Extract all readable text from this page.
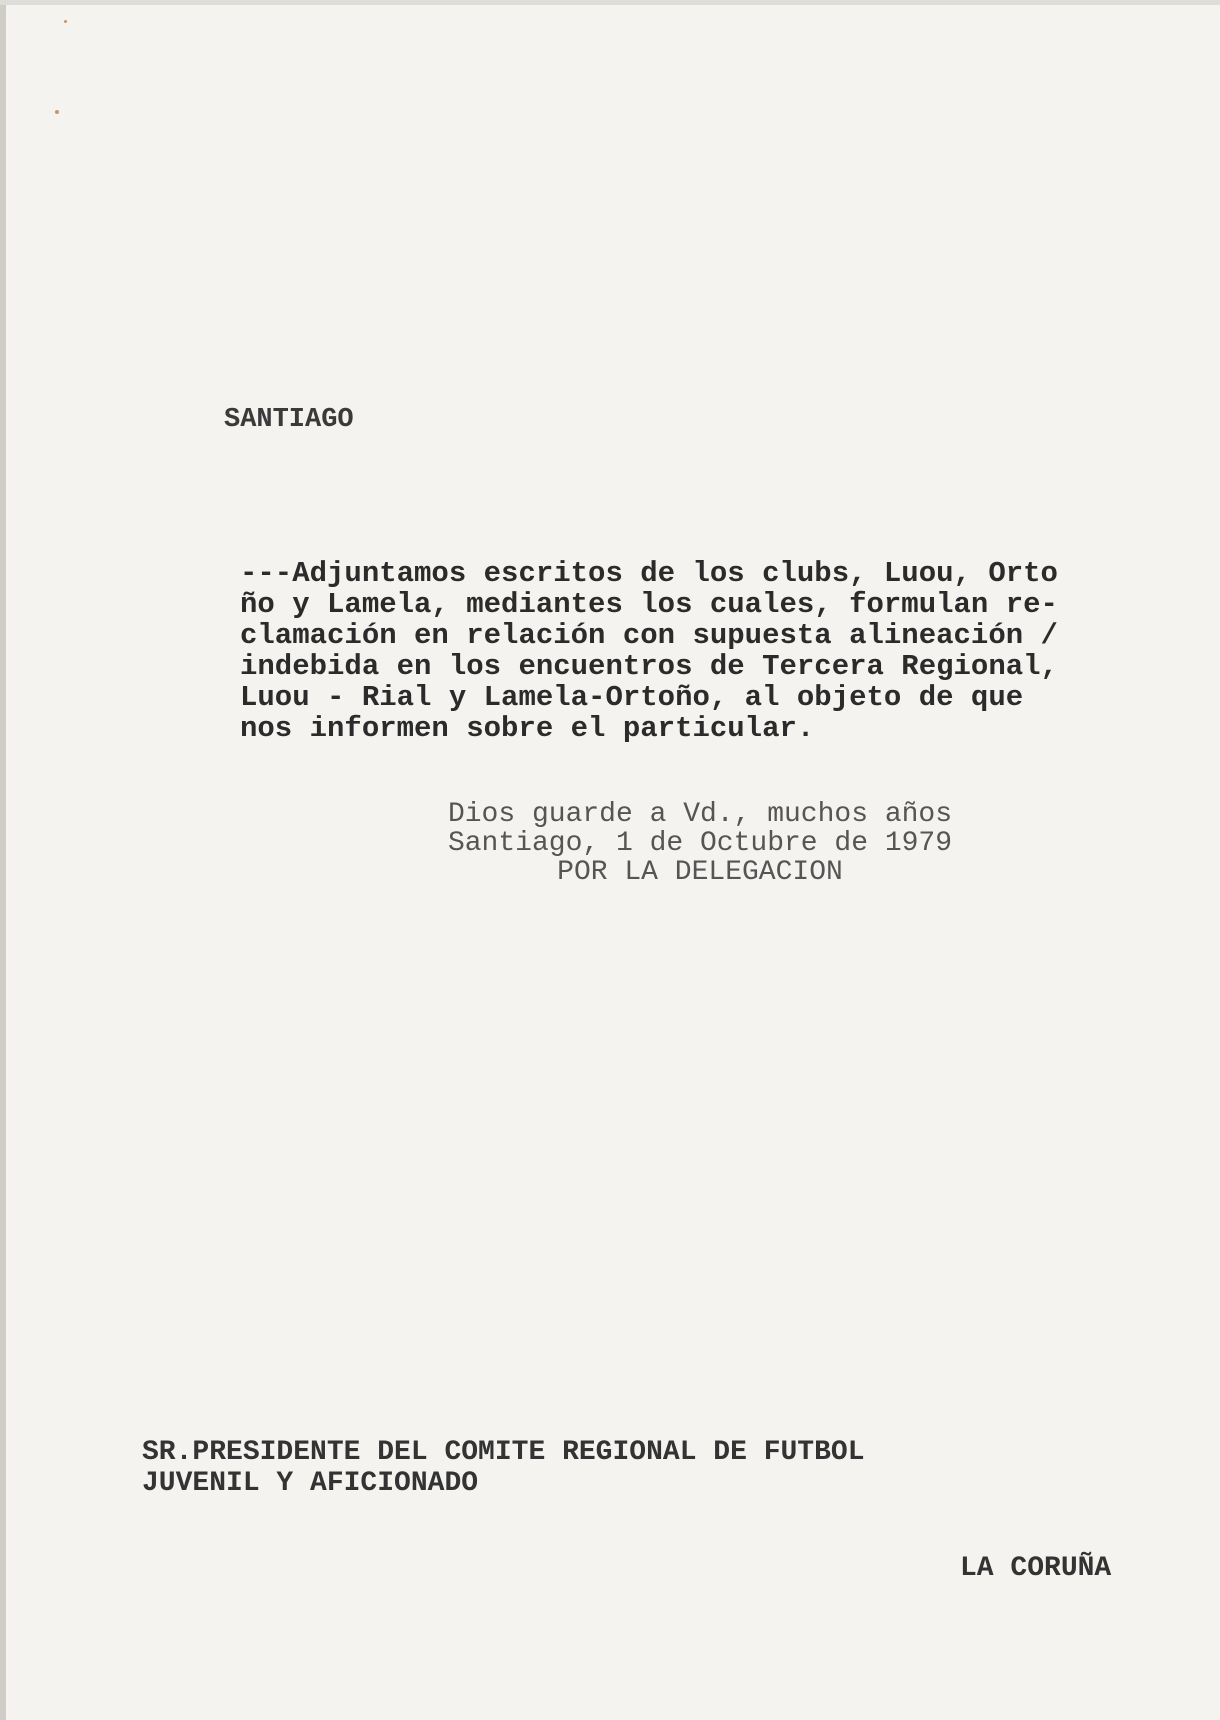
SANTIAGO
---Adjuntamos escritos de los clubs, Luou, Orto
ño y Lamela, mediantes los cuales, formulan re-
clamación en relación con supuesta alineación /
indebida en los encuentros de Tercera Regional,
Luou - Rial y Lamela-Ortoño, al objeto de que
nos informen sobre el particular.
Dios guarde a Vd., muchos años
Santiago, 1 de Octubre de 1979
POR LA DELEGACION
SR.PRESIDENTE DEL COMITE REGIONAL DE FUTBOL
JUVENIL Y AFICIONADO
LA CORUÑA
